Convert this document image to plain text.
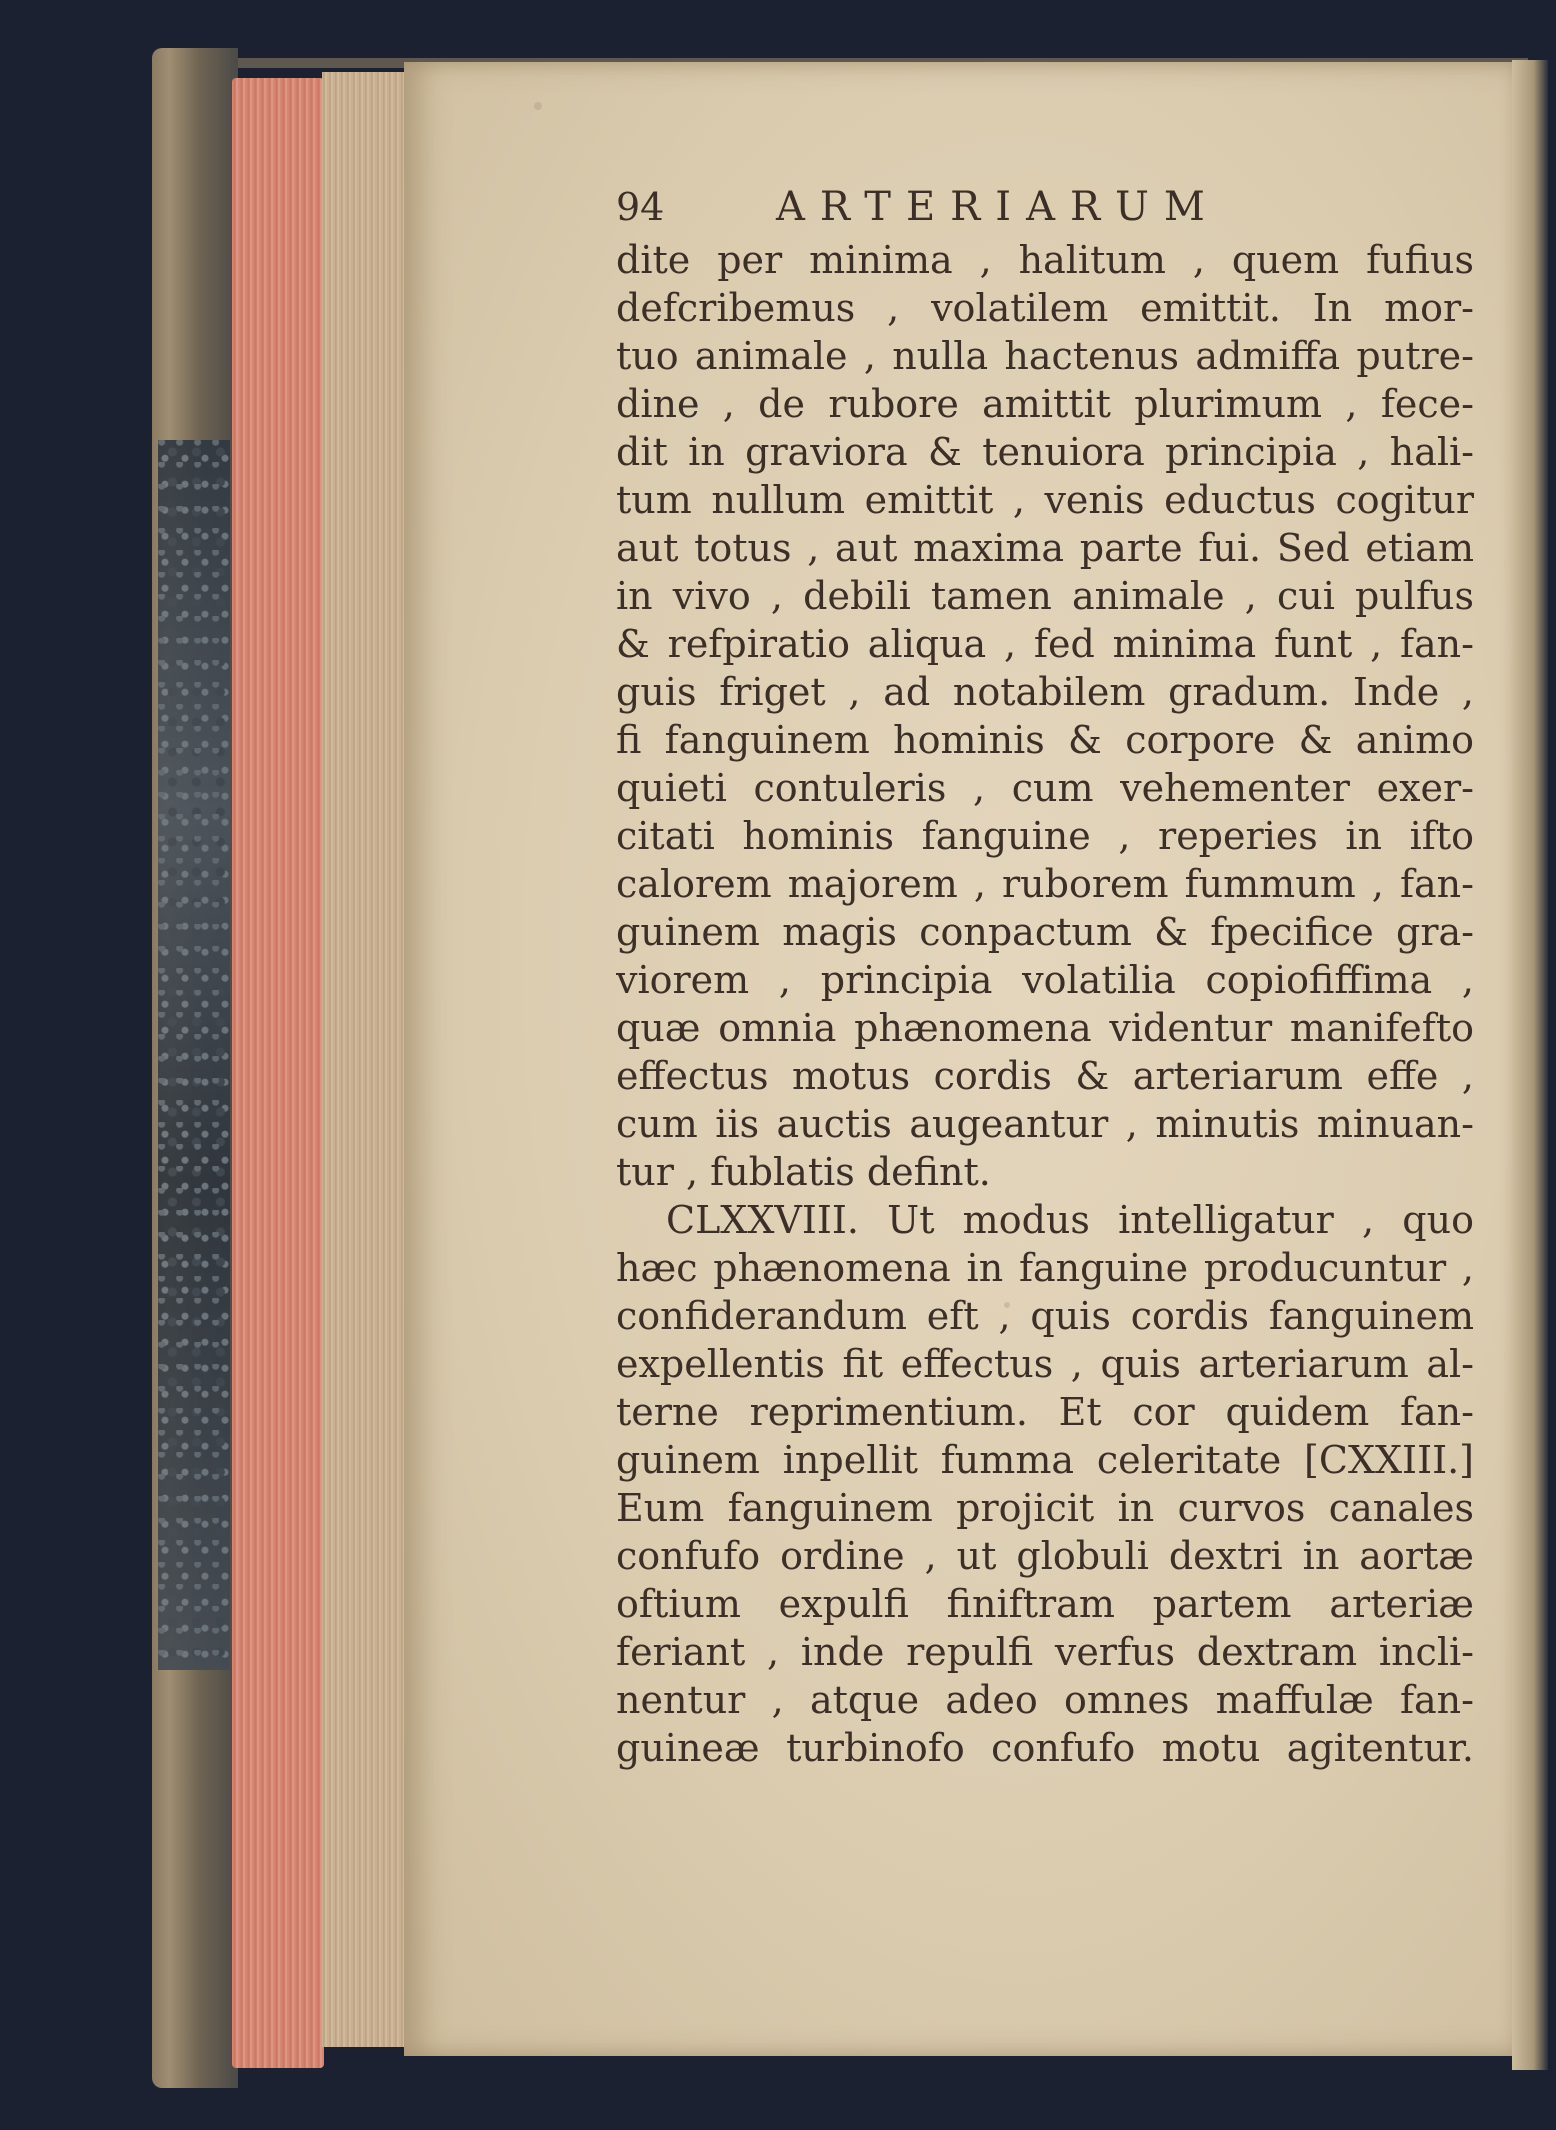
94	ARTERIARUM
dite per minima , halitum , quem fufius
defcribemus , volatilem emittit. In mor-
tuo animale , nulla hactenus admiffa putre-
dine , de rubore amittit plurimum , fece-
dit in graviora & tenuiora principia , hali-
tum nullum emittit , venis eductus cogitur
aut totus , aut maxima parte fui. Sed etiam
in vivo , debili tamen animale , cui pulfus
& refpiratio aliqua , fed minima funt , fan-
guis friget , ad notabilem gradum. Inde ,
fi fanguinem hominis & corpore & animo
quieti contuleris , cum vehementer exer-
citati hominis fanguine , reperies in ifto
calorem majorem , ruborem fummum , fan-
guinem magis conpactum & fpecifice gra-
viorem , principia volatilia copiofiffima ,
quæ omnia phænomena videntur manifefto
effectus motus cordis & arteriarum effe ,
cum iis auctis augeantur , minutis minuan-
tur , fublatis defint.
CLXXVIII. Ut modus intelligatur , quo
hæc phænomena in fanguine producuntur ,
confiderandum eft , quis cordis fanguinem
expellentis fit effectus , quis arteriarum al-
terne reprimentium. Et cor quidem fan-
guinem inpellit fumma celeritate [CXXIII.]
Eum fanguinem projicit in curvos canales
confufo ordine , ut globuli dextri in aortæ
oftium expulfi finiftram partem arteriæ
feriant , inde repulfi verfus dextram incli-
nentur , atque adeo omnes maffulæ fan-
guineæ turbinofo confufo motu agitentur.
